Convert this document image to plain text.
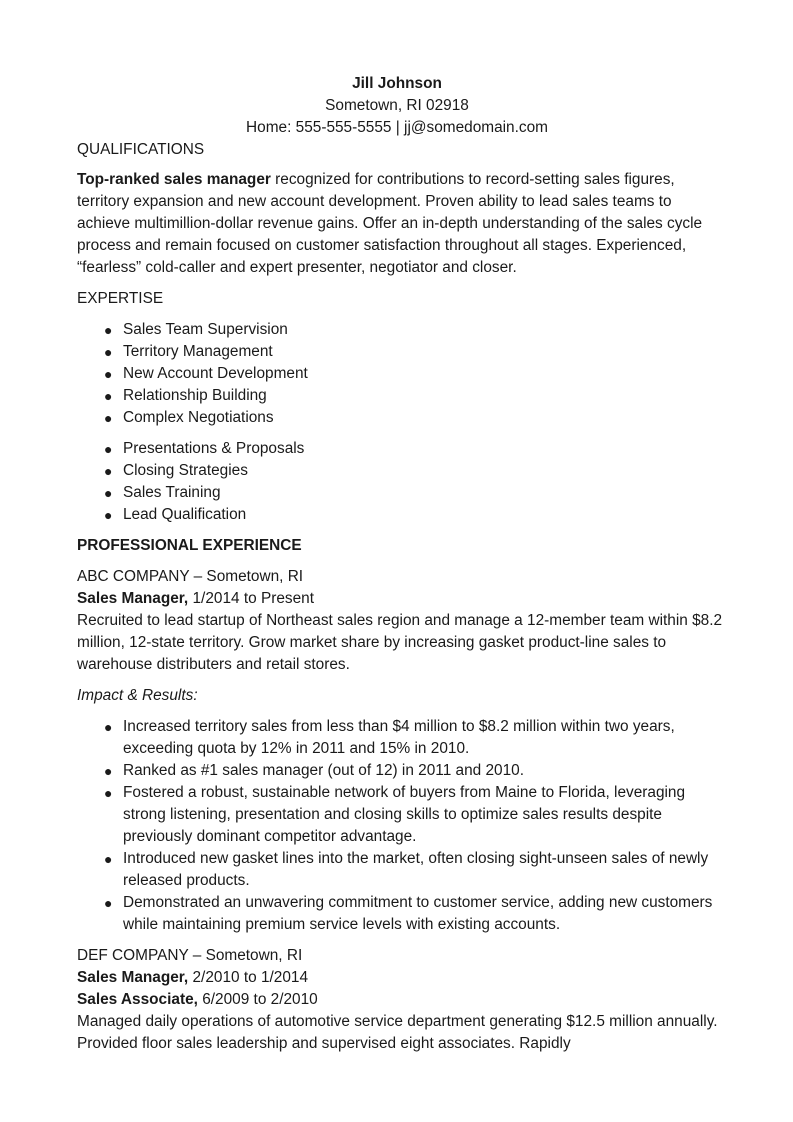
Jill Johnson
Sometown, RI 02918
Home: 555-555-5555 | jj@somedomain.com
QUALIFICATIONS

Top-ranked sales manager recognized for contributions to record-setting sales figures, territory expansion and new account development. Proven ability to lead sales teams to achieve multimillion-dollar revenue gains. Offer an in-depth understanding of the sales cycle process and remain focused on customer satisfaction throughout all stages. Experienced, “fearless” cold-caller and expert presenter, negotiator and closer.

EXPERTISE
● Sales Team Supervision
● Territory Management
● New Account Development
● Relationship Building
● Complex Negotiations
● Presentations & Proposals
● Closing Strategies
● Sales Training
● Lead Qualification
PROFESSIONAL EXPERIENCE
ABC COMPANY – Sometown, RI
Sales Manager, 1/2014 to Present

Recruited to lead startup of Northeast sales region and manage a 12-member team within $8.2 million, 12-state territory. Grow market share by increasing gasket product-line sales to warehouse distributers and retail stores.

Impact & Results:
● Increased territory sales from less than $4 million to $8.2 million within two years, exceeding quota by 12% in 2011 and 15% in 2010.
● Ranked as #1 sales manager (out of 12) in 2011 and 2010.
● Fostered a robust, sustainable network of buyers from Maine to Florida, leveraging strong listening, presentation and closing skills to optimize sales results despite previously dominant competitor advantage.
● Introduced new gasket lines into the market, often closing sight-unseen sales of newly released products.
● Demonstrated an unwavering commitment to customer service, adding new customers while maintaining premium service levels with existing accounts.
DEF COMPANY – Sometown, RI
Sales Manager, 2/2010 to 1/2014
Sales Associate, 6/2009 to 2/2010

Managed daily operations of automotive service department generating $12.5 million annually. Provided floor sales leadership and supervised eight associates. Rapidly
